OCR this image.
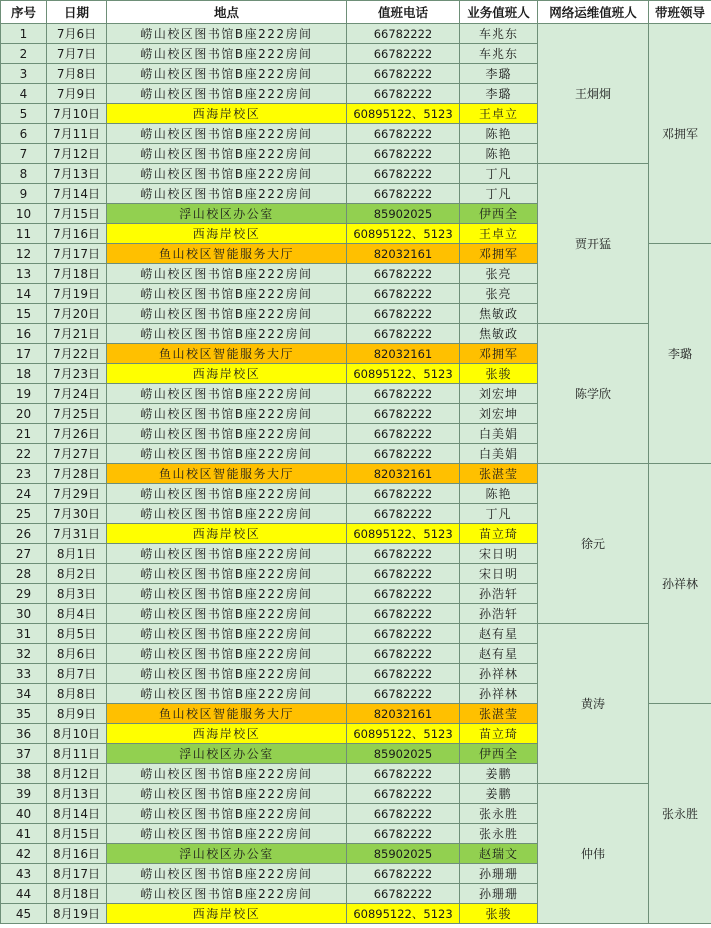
序号	日期	地点	值班电话	业务值班人	网络运维值班人	带班领导
1	7月6日	崂山校区图书馆B座222房间	66782222	车兆东	王炯炯	邓拥军
2	7月7日	崂山校区图书馆B座222房间	66782222	车兆东		
3	7月8日	崂山校区图书馆B座222房间	66782222	李璐		
4	7月9日	崂山校区图书馆B座222房间	66782222	李璐		
5	7月10日	西海岸校区	60895122、5123	王卓立		
6	7月11日	崂山校区图书馆B座222房间	66782222	陈艳		
7	7月12日	崂山校区图书馆B座222房间	66782222	陈艳		
8	7月13日	崂山校区图书馆B座222房间	66782222	丁凡	贾开猛	
9	7月14日	崂山校区图书馆B座222房间	66782222	丁凡		
10	7月15日	浮山校区办公室	85902025	伊西全		
11	7月16日	西海岸校区	60895122、5123	王卓立		
12	7月17日	鱼山校区智能服务大厅	82032161	邓拥军		李璐
13	7月18日	崂山校区图书馆B座222房间	66782222	张亮		
14	7月19日	崂山校区图书馆B座222房间	66782222	张亮		
15	7月20日	崂山校区图书馆B座222房间	66782222	焦敏政		
16	7月21日	崂山校区图书馆B座222房间	66782222	焦敏政	陈学欣	
17	7月22日	鱼山校区智能服务大厅	82032161	邓拥军		
18	7月23日	西海岸校区	60895122、5123	张骏		
19	7月24日	崂山校区图书馆B座222房间	66782222	刘宏坤		
20	7月25日	崂山校区图书馆B座222房间	66782222	刘宏坤		
21	7月26日	崂山校区图书馆B座222房间	66782222	白美娟		
22	7月27日	崂山校区图书馆B座222房间	66782222	白美娟		
23	7月28日	鱼山校区智能服务大厅	82032161	张湛莹	徐元	孙祥林
24	7月29日	崂山校区图书馆B座222房间	66782222	陈艳		
25	7月30日	崂山校区图书馆B座222房间	66782222	丁凡		
26	7月31日	西海岸校区	60895122、5123	苗立琦		
27	8月1日	崂山校区图书馆B座222房间	66782222	宋日明		
28	8月2日	崂山校区图书馆B座222房间	66782222	宋日明		
29	8月3日	崂山校区图书馆B座222房间	66782222	孙浩轩		
30	8月4日	崂山校区图书馆B座222房间	66782222	孙浩轩		
31	8月5日	崂山校区图书馆B座222房间	66782222	赵有星	黄涛	
32	8月6日	崂山校区图书馆B座222房间	66782222	赵有星		
33	8月7日	崂山校区图书馆B座222房间	66782222	孙祥林		
34	8月8日	崂山校区图书馆B座222房间	66782222	孙祥林		
35	8月9日	鱼山校区智能服务大厅	82032161	张湛莹		张永胜
36	8月10日	西海岸校区	60895122、5123	苗立琦		
37	8月11日	浮山校区办公室	85902025	伊西全		
38	8月12日	崂山校区图书馆B座222房间	66782222	姜鹏		
39	8月13日	崂山校区图书馆B座222房间	66782222	姜鹏	仲伟	
40	8月14日	崂山校区图书馆B座222房间	66782222	张永胜		
41	8月15日	崂山校区图书馆B座222房间	66782222	张永胜		
42	8月16日	浮山校区办公室	85902025	赵瑞文		
43	8月17日	崂山校区图书馆B座222房间	66782222	孙珊珊		
44	8月18日	崂山校区图书馆B座222房间	66782222	孙珊珊		
45	8月19日	西海岸校区	60895122、5123	张骏		
